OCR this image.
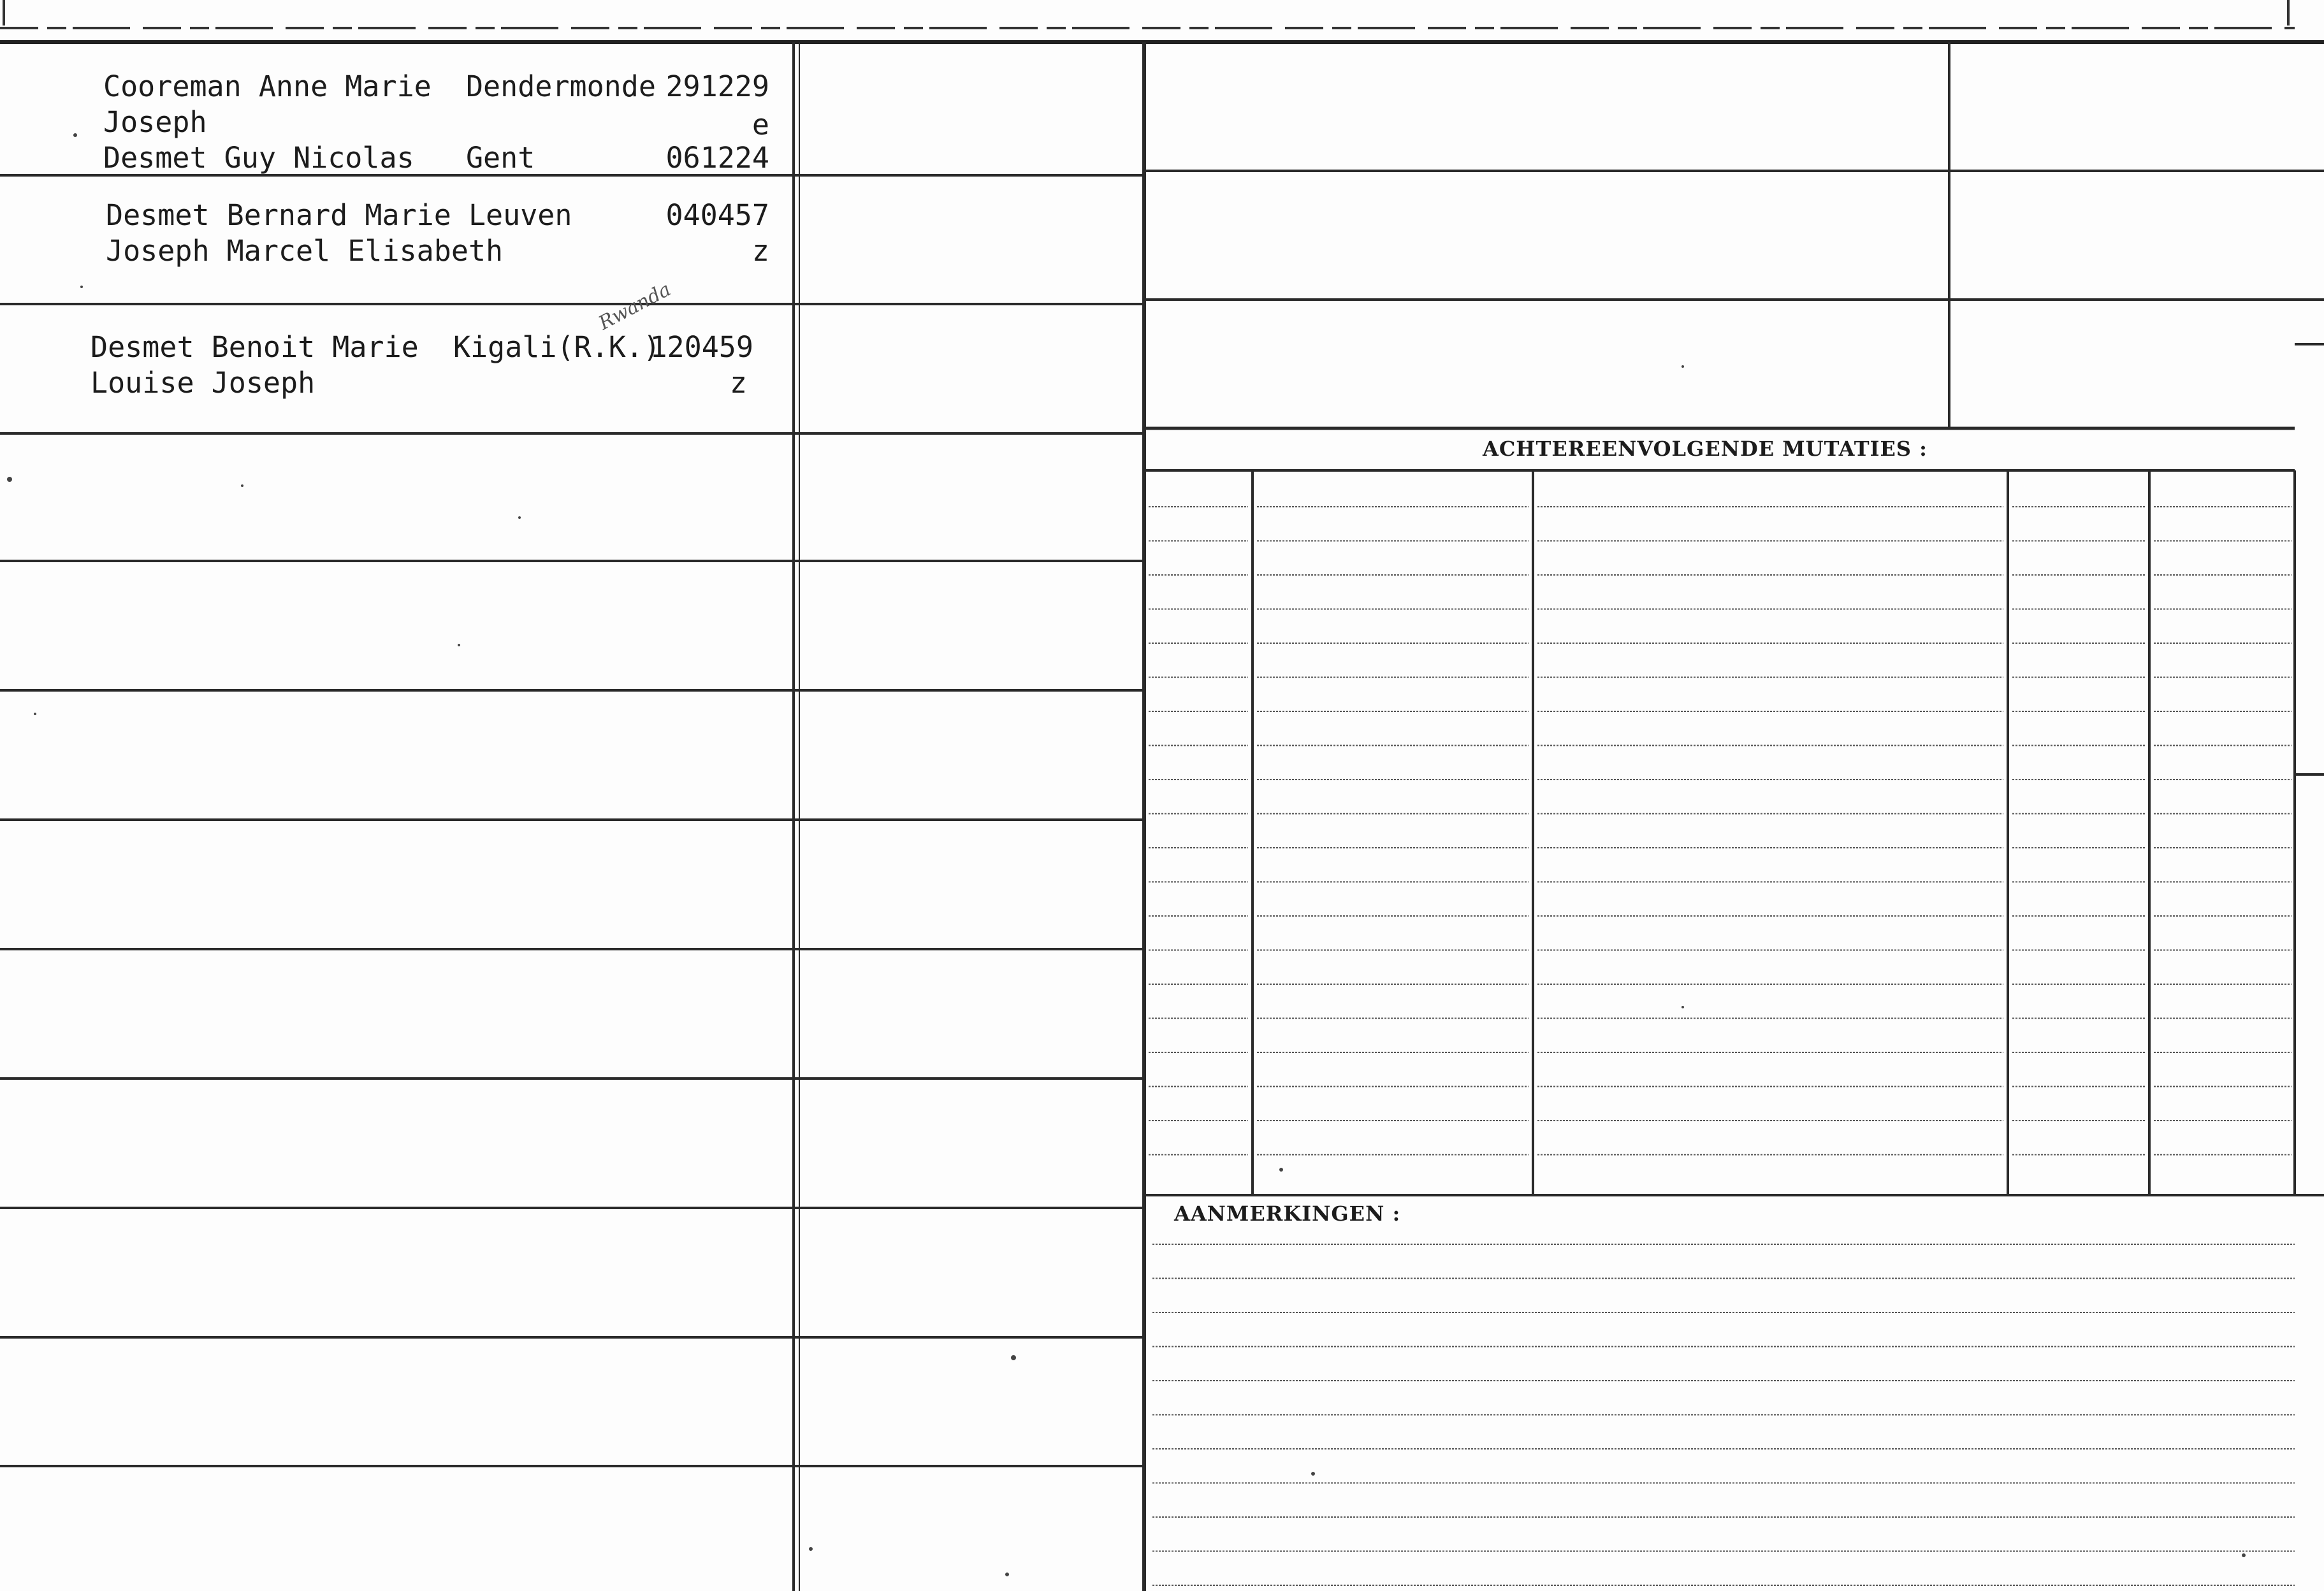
Cooreman Anne Marie  Dendermonde

Joseph

291229

e

Desmet Guy Nicolas   Gent

	061224

Desmet Bernard Marie Leuven

Joseph Marcel Elisabeth

040457

z

Desmet Benoit Marie  Kigali(R.K.)

Louise Joseph

120459

z

Rwanda
ACHTEREENVOLGENDE MUTATIES :
AANMERKINGEN :
